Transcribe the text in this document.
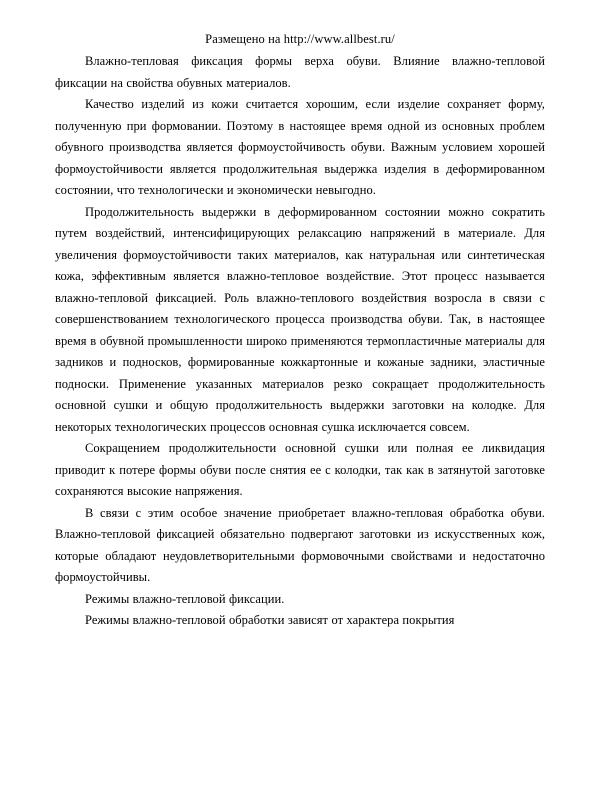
Размещено на http://www.allbest.ru/

Влажно-тепловая фиксация формы верха обуви. Влияние влажно-тепловой фиксации на свойства обувных материалов.

Качество изделий из кожи считается хорошим, если изделие сохраняет форму, полученную при формовании. Поэтому в настоящее время одной из основных проблем обувного производства является формоустойчивость обуви. Важным условием хорошей формоустойчивости является продолжительная выдержка изделия в деформированном состоянии, что технологически и экономически невыгодно.

Продолжительность выдержки в деформированном состоянии можно сократить путем воздействий, интенсифицирующих релаксацию напряжений в материале. Для увеличения формоустойчивости таких материалов, как натуральная или синтетическая кожа, эффективным является влажно-тепловое воздействие. Этот процесс называется влажно-тепловой фиксацией. Роль влажно-теплового воздействия возросла в связи с совершенствованием технологического процесса производства обуви. Так, в настоящее время в обувной промышленности широко применяются термопластичные материалы для задников и подносков, формированные кожкартонные и кожаные задники, эластичные подноски. Применение указанных материалов резко сокращает продолжительность основной сушки и общую продолжительность выдержки заготовки на колодке. Для некоторых технологических процессов основная сушка исключается совсем.

Сокращением продолжительности основной сушки или полная ее ликвидация приводит к потере формы обуви после снятия ее с колодки, так как в затянутой заготовке сохраняются высокие напряжения.

В связи с этим особое значение приобретает влажно-тепловая обработка обуви. Влажно-тепловой фиксацией обязательно подвергают заготовки из искусственных кож, которые обладают неудовлетворительными формовочными свойствами и недостаточно формоустойчивы.

Режимы влажно-тепловой фиксации.

Режимы влажно-тепловой обработки зависят от характера покрытия
